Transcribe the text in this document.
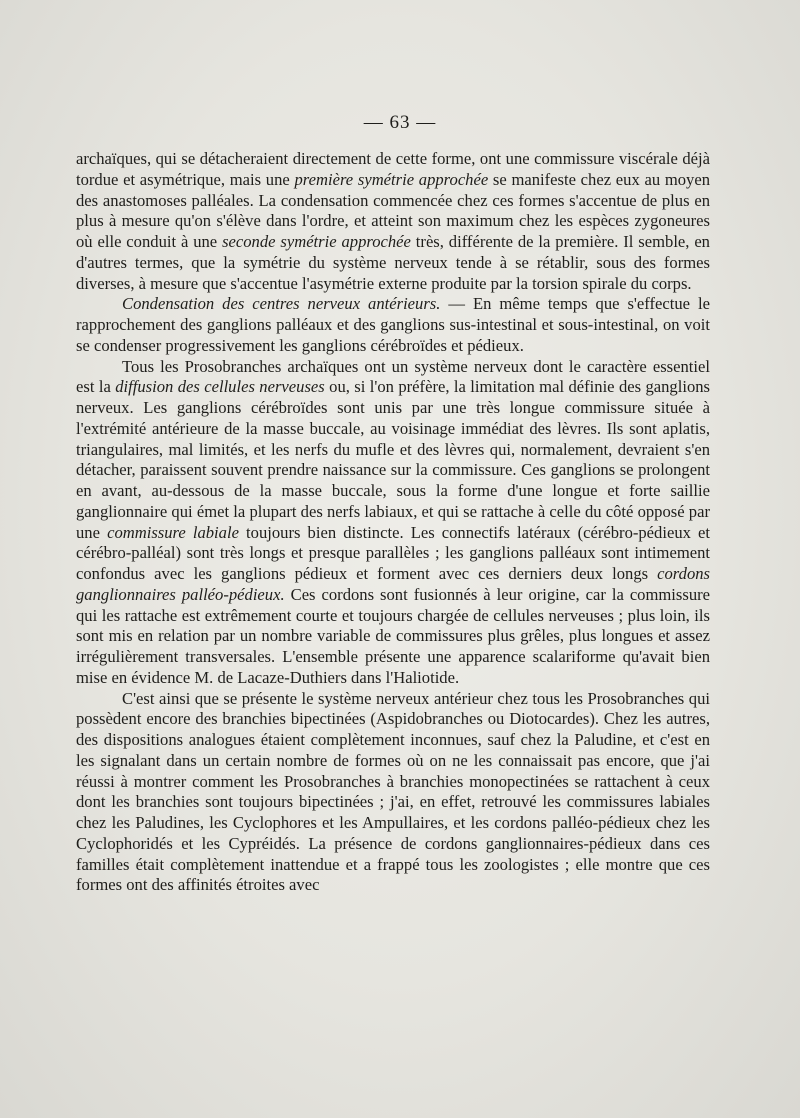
— 63 —

archaïques, qui se détacheraient directement de cette forme, ont une commissure viscérale déjà tordue et asymétrique, mais une première symétrie approchée se manifeste chez eux au moyen des anastomoses palléales. La condensation commencée chez ces formes s'accentue de plus en plus à mesure qu'on s'élève dans l'ordre, et atteint son maximum chez les espèces zygoneures où elle conduit à une seconde symétrie approchée très, différente de la première. Il semble, en d'autres termes, que la symétrie du système nerveux tende à se rétablir, sous des formes diverses, à mesure que s'accentue l'asymétrie externe produite par la torsion spirale du corps.

Condensation des centres nerveux antérieurs. — En même temps que s'effectue le rapprochement des ganglions palléaux et des ganglions sus-intestinal et sous-intestinal, on voit se condenser progressivement les ganglions cérébroïdes et pédieux.

Tous les Prosobranches archaïques ont un système nerveux dont le caractère essentiel est la diffusion des cellules nerveuses ou, si l'on préfère, la limitation mal définie des ganglions nerveux. Les ganglions cérébroïdes sont unis par une très longue commissure située à l'extrémité antérieure de la masse buccale, au voisinage immédiat des lèvres. Ils sont aplatis, triangulaires, mal limités, et les nerfs du mufle et des lèvres qui, normalement, devraient s'en détacher, paraissent souvent prendre naissance sur la commissure. Ces ganglions se prolongent en avant, au-dessous de la masse buccale, sous la forme d'une longue et forte saillie ganglionnaire qui émet la plupart des nerfs labiaux, et qui se rattache à celle du côté opposé par une commissure labiale toujours bien distincte. Les connectifs latéraux (cérébro-pédieux et cérébro-palléal) sont très longs et presque parallèles ; les ganglions palléaux sont intimement confondus avec les ganglions pédieux et forment avec ces derniers deux longs cordons ganglionnaires palléo-pédieux. Ces cordons sont fusionnés à leur origine, car la commissure qui les rattache est extrêmement courte et toujours chargée de cellules nerveuses ; plus loin, ils sont mis en relation par un nombre variable de commissures plus grêles, plus longues et assez irrégulièrement transversales. L'ensemble présente une apparence scalariforme qu'avait bien mise en évidence M. de Lacaze-Duthiers dans l'Haliotide.

C'est ainsi que se présente le système nerveux antérieur chez tous les Prosobranches qui possèdent encore des branchies bipectinées (Aspidobranches ou Diotocardes). Chez les autres, des dispositions analogues étaient complètement inconnues, sauf chez la Paludine, et c'est en les signalant dans un certain nombre de formes où on ne les connaissait pas encore, que j'ai réussi à montrer comment les Prosobranches à branchies monopectinées se rattachent à ceux dont les branchies sont toujours bipectinées ; j'ai, en effet, retrouvé les commissures labiales chez les Paludines, les Cyclophores et les Ampullaires, et les cordons palléo-pédieux chez les Cyclophoridés et les Cypréidés. La présence de cordons ganglionnaires-pédieux dans ces familles était complètement inattendue et a frappé tous les zoologistes ; elle montre que ces formes ont des affinités étroites avec
